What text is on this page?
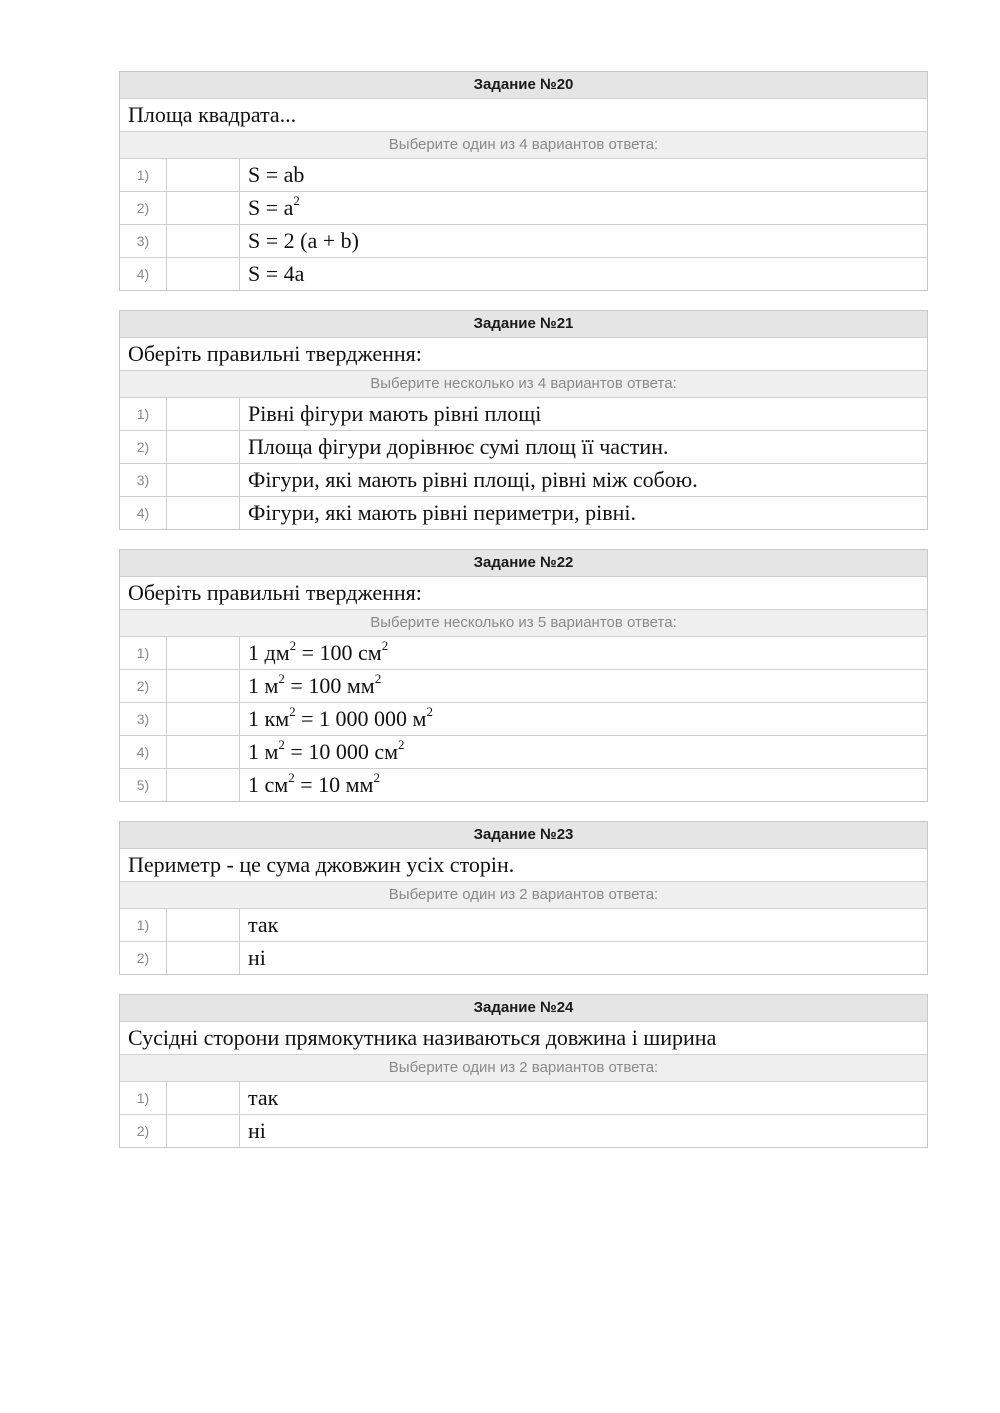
Задание №20
Площа квадрата...
Выберите один из 4 вариантов ответа:
1)	S = ab
2)	$S = a^2$
3)	S = 2 (a + b)
4)	S = 4a
Задание №21
Оберіть правильні твердження:
Выберите несколько из 4 вариантов ответа:
1)	Рівні фігури мають рівні площі
2)	Площа фігури дорівнює сумі площ її частин.
3)	Фігури, які мають рівні площі, рівні між собою.
4)	Фігури, які мають рівні периметри, рівні.
Задание №22
Оберіть правильні твердження:
Выберите несколько из 5 вариантов ответа:
1)	1 $дм^2 = 100$ $см^2$
2)	1 $м^2 = 100$ $мм^2$
3)	1 $км^2 = 1$ 000 000 $м^2$
4)	1 $м^2 = 10$ 000 $см^2$
5)	1 $см^2 = 10$ $мм^2$
Задание №23
Периметр - це сума джовжин усіх сторін.
Выберите один из 2 вариантов ответа:
1)	так
2)	ні
Задание №24
Сусідні сторони прямокутника називаються довжина і ширина
Выберите один из 2 вариантов ответа:
1)	так
2)	ні
